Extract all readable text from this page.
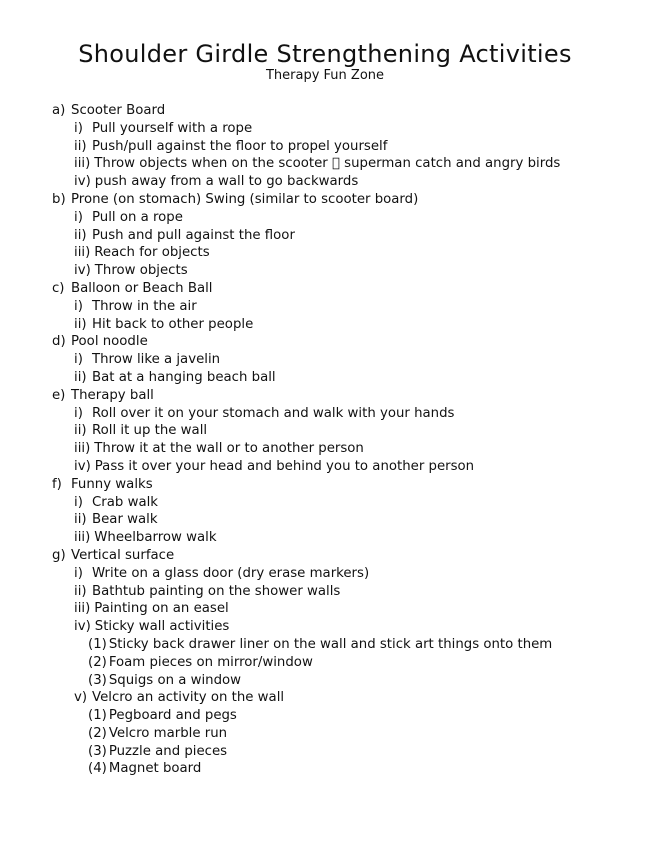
Shoulder Girdle Strengthening Activities
Therapy Fun Zone
a) Scooter Board
i) Pull yourself with a rope
ii) Push/pull against the floor to propel yourself
iii) Throw objects when on the scooter superman catch and angry birds
iv) push away from a wall to go backwards
b) Prone (on stomach) Swing (similar to scooter board)
i) Pull on a rope
ii) Push and pull against the floor
iii) Reach for objects
iv) Throw objects
c) Balloon or Beach Ball
i) Throw in the air
ii) Hit back to other people
d) Pool noodle
i) Throw like a javelin
ii) Bat at a hanging beach ball
e) Therapy ball
i) Roll over it on your stomach and walk with your hands
ii) Roll it up the wall
iii) Throw it at the wall or to another person
iv) Pass it over your head and behind you to another person
f) Funny walks
i) Crab walk
ii) Bear walk
iii) Wheelbarrow walk
g) Vertical surface
i) Write on a glass door (dry erase markers)
ii) Bathtub painting on the shower walls
iii) Painting on an easel
iv) Sticky wall activities
(1) Sticky back drawer liner on the wall and stick art things onto them
(2) Foam pieces on mirror/window
(3) Squigs on a window
v) Velcro an activity on the wall
(1) Pegboard and pegs
(2) Velcro marble run
(3) Puzzle and pieces
(4) Magnet board
